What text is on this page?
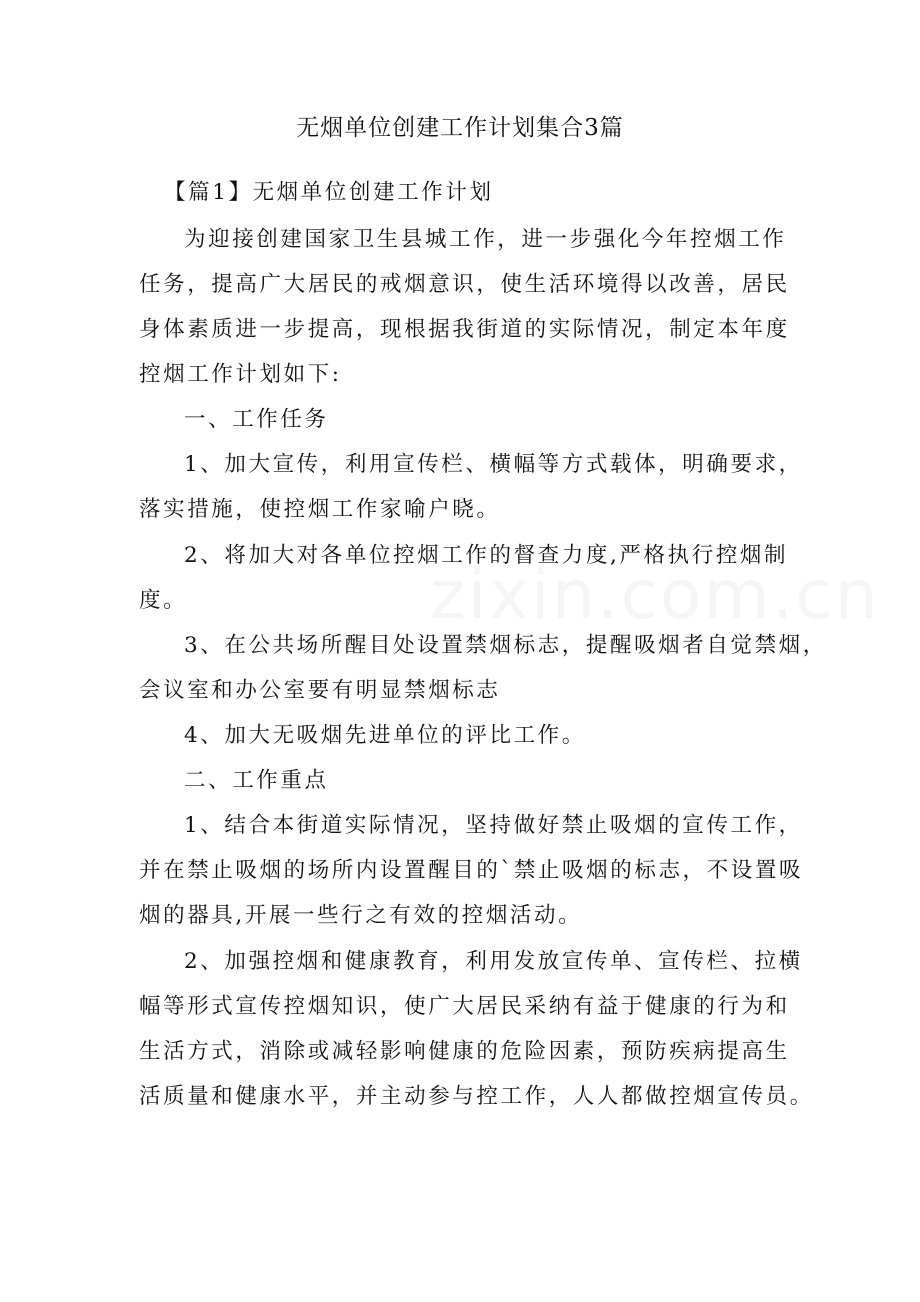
无烟单位创建工作计划集合3篇
【篇1】无烟单位创建工作计划
为迎接创建国家卫生县城工作，进一步强化今年控烟工作
任务，提高广大居民的戒烟意识，使生活环境得以改善，居民
身体素质进一步提高，现根据我街道的实际情况，制定本年度
控烟工作计划如下:
一、工作任务
1、加大宣传，利用宣传栏、横幅等方式载体，明确要求，
落实措施，使控烟工作家喻户晓。
2、将加大对各单位控烟工作的督查力度,严格执行控烟制
度。
3、在公共场所醒目处设置禁烟标志，提醒吸烟者自觉禁烟，
会议室和办公室要有明显禁烟标志
4、加大无吸烟先进单位的评比工作。
二、工作重点
1、结合本街道实际情况，坚持做好禁止吸烟的宣传工作，
并在禁止吸烟的场所内设置醒目的`禁止吸烟的标志，不设置吸
烟的器具,开展一些行之有效的控烟活动。
2、加强控烟和健康教育，利用发放宣传单、宣传栏、拉横
幅等形式宣传控烟知识，使广大居民采纳有益于健康的行为和
生活方式，消除或减轻影响健康的危险因素，预防疾病提高生
活质量和健康水平，并主动参与控工作，人人都做控烟宣传员。
zixin.com.cn
